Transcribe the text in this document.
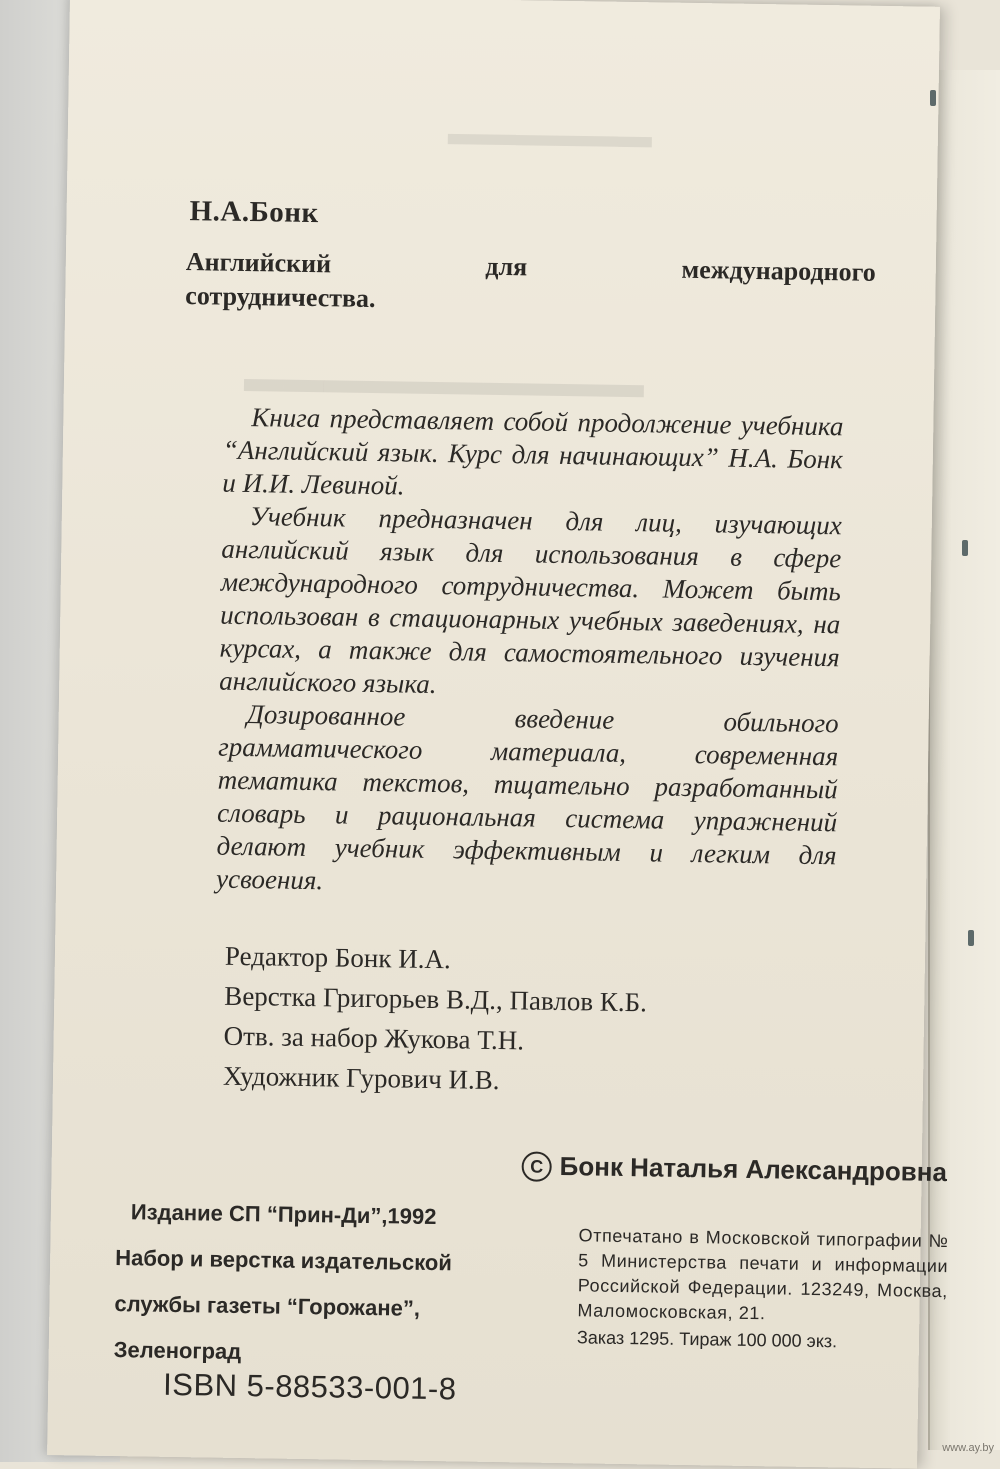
▬▬▬▬▬▬
▬▬▬▬▬▬▬▬▬▬
Н.А.Бонк
Английский	для	международного
сотрудничества.

Книга представляет собой продолжение учебника “Английский язык. Курс для начинающих” Н.А. Бонк и И.И. Левиной.

Учебник предназначен для лиц, изучающих английский язык для использования в сфере международного сотрудничества. Может быть использован в стационарных учебных заведениях, на курсах, а также для самостоятельного изучения английского языка.

Дозированное введение обильного грамматического материала, современная тематика текстов, тщательно разработанный словарь и рациональная система упражнений делают учебник эффективным и легким для усвоения.

Редактор Бонк И.А.
Верстка Григорьев В.Д., Павлов К.Б.
Отв. за набор Жукова Т.Н.
Художник Гурович И.В.
C Бонк Наталья Александровна
Издание СП “Прин-Ди”,1992
Набор и верстка издательской
службы газеты “Горожане”,
Зеленоград
ISBN 5-88533-001-8

Отпечатано в Московской типографии № 5 Министерства печати и информации Российской Федерации. 123249, Москва, Маломосковская, 21.

Заказ 1295. Тираж 100 000 экз.
www.ay.by
